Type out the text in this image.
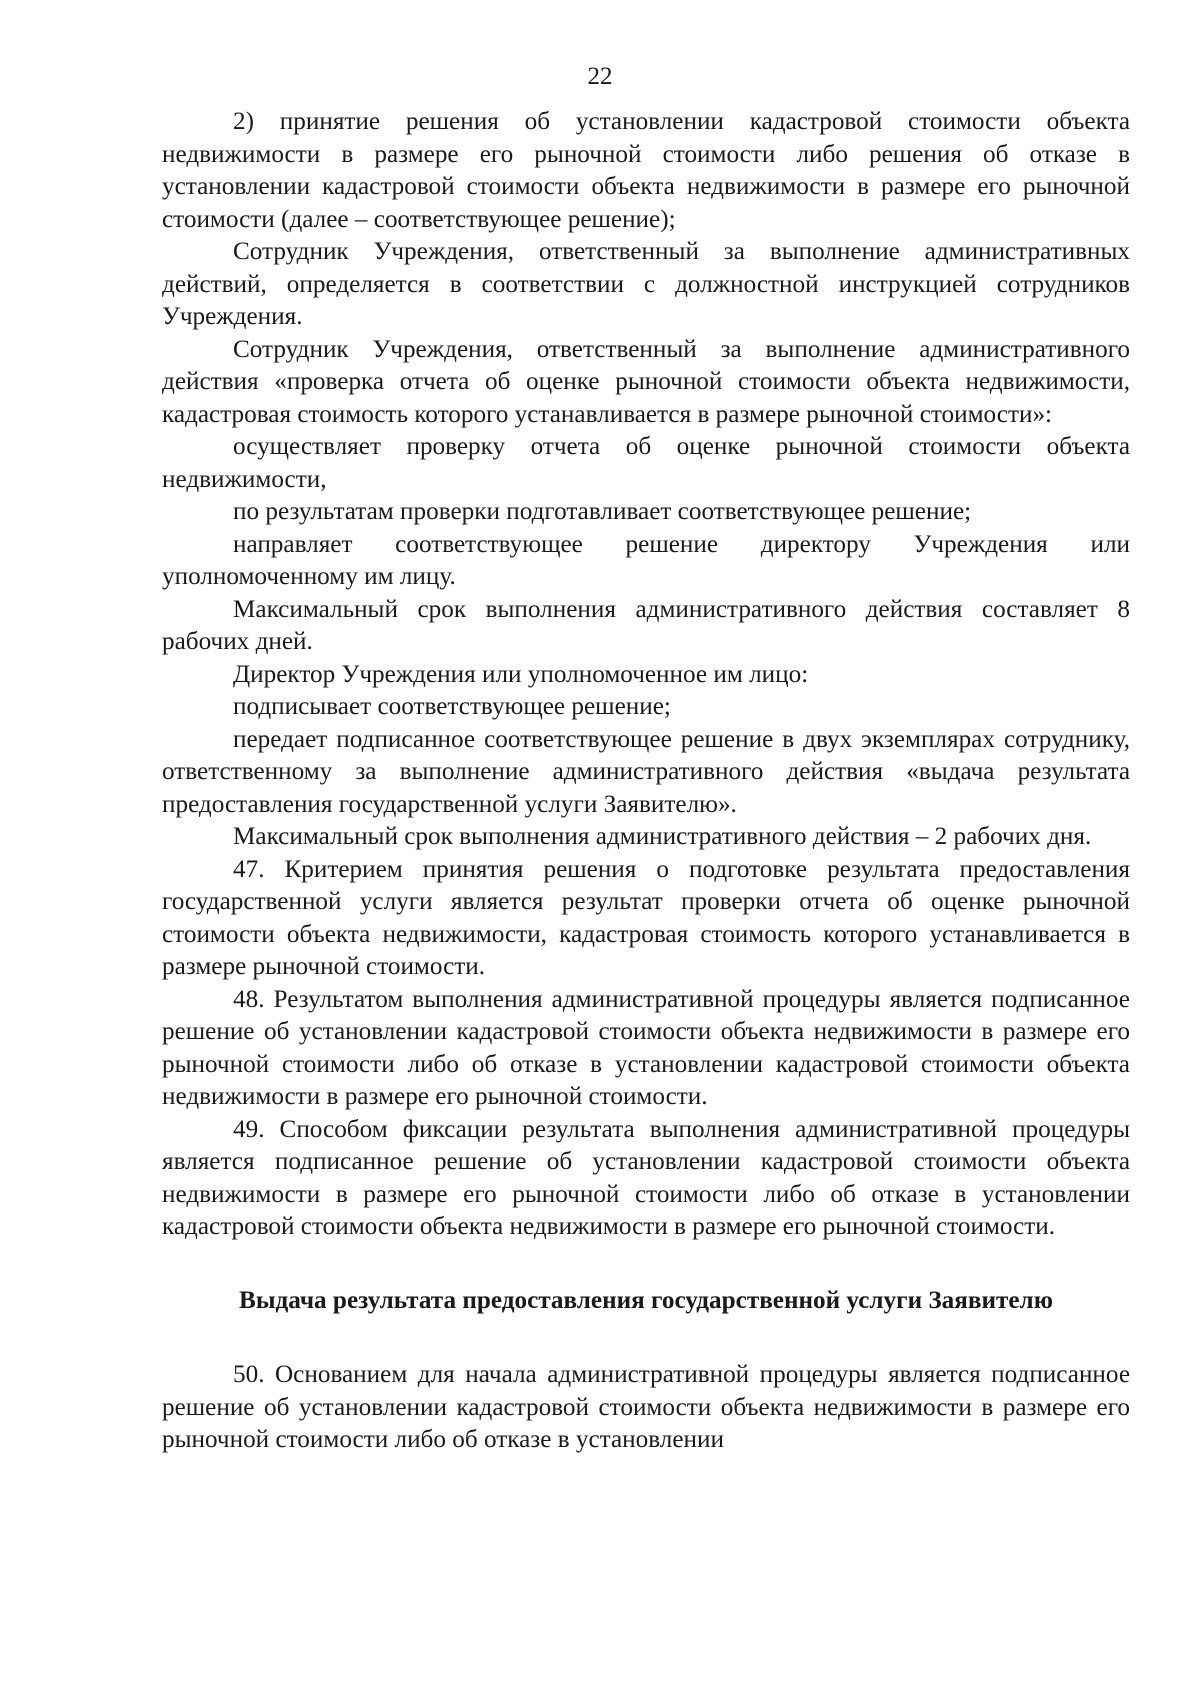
22

2) принятие решения об установлении кадастровой стоимости объекта недвижимости в размере его рыночной стоимости либо решения об отказе в установлении кадастровой стоимости объекта недвижимости в размере его рыночной стоимости (далее – соответствующее решение);

Сотрудник Учреждения, ответственный за выполнение административных действий, определяется в соответствии с должностной инструкцией сотрудников Учреждения.

Сотрудник Учреждения, ответственный за выполнение административного действия «проверка отчета об оценке рыночной стоимости объекта недвижимости, кадастровая стоимость которого устанавливается в размере рыночной стоимости»:

осуществляет проверку отчета об оценке рыночной стоимости объекта недвижимости,

по результатам проверки подготавливает соответствующее решение;

направляет соответствующее решение директору Учреждения или уполномоченному им лицу.

Максимальный срок выполнения административного действия составляет 8 рабочих дней.

Директор Учреждения или уполномоченное им лицо:

подписывает соответствующее решение;

передает подписанное соответствующее решение в двух экземплярах сотруднику, ответственному за выполнение административного действия «выдача результата предоставления государственной услуги Заявителю».

Максимальный срок выполнения административного действия – 2 рабочих дня.

47. Критерием принятия решения о подготовке результата предоставления государственной услуги является результат проверки отчета об оценке рыночной стоимости объекта недвижимости, кадастровая стоимость которого устанавливается в размере рыночной стоимости.

48. Результатом выполнения административной процедуры является подписанное решение об установлении кадастровой стоимости объекта недвижимости в размере его рыночной стоимости либо об отказе в установлении кадастровой стоимости объекта недвижимости в размере его рыночной стоимости.

49. Способом фиксации результата выполнения административной процедуры является подписанное решение об установлении кадастровой стоимости объекта недвижимости в размере его рыночной стоимости либо об отказе в установлении кадастровой стоимости объекта недвижимости в размере его рыночной стоимости.

Выдача результата предоставления государственной услуги Заявителю

50. Основанием для начала административной процедуры является подписанное решение об установлении кадастровой стоимости объекта недвижимости в размере его рыночной стоимости либо об отказе в установлении
